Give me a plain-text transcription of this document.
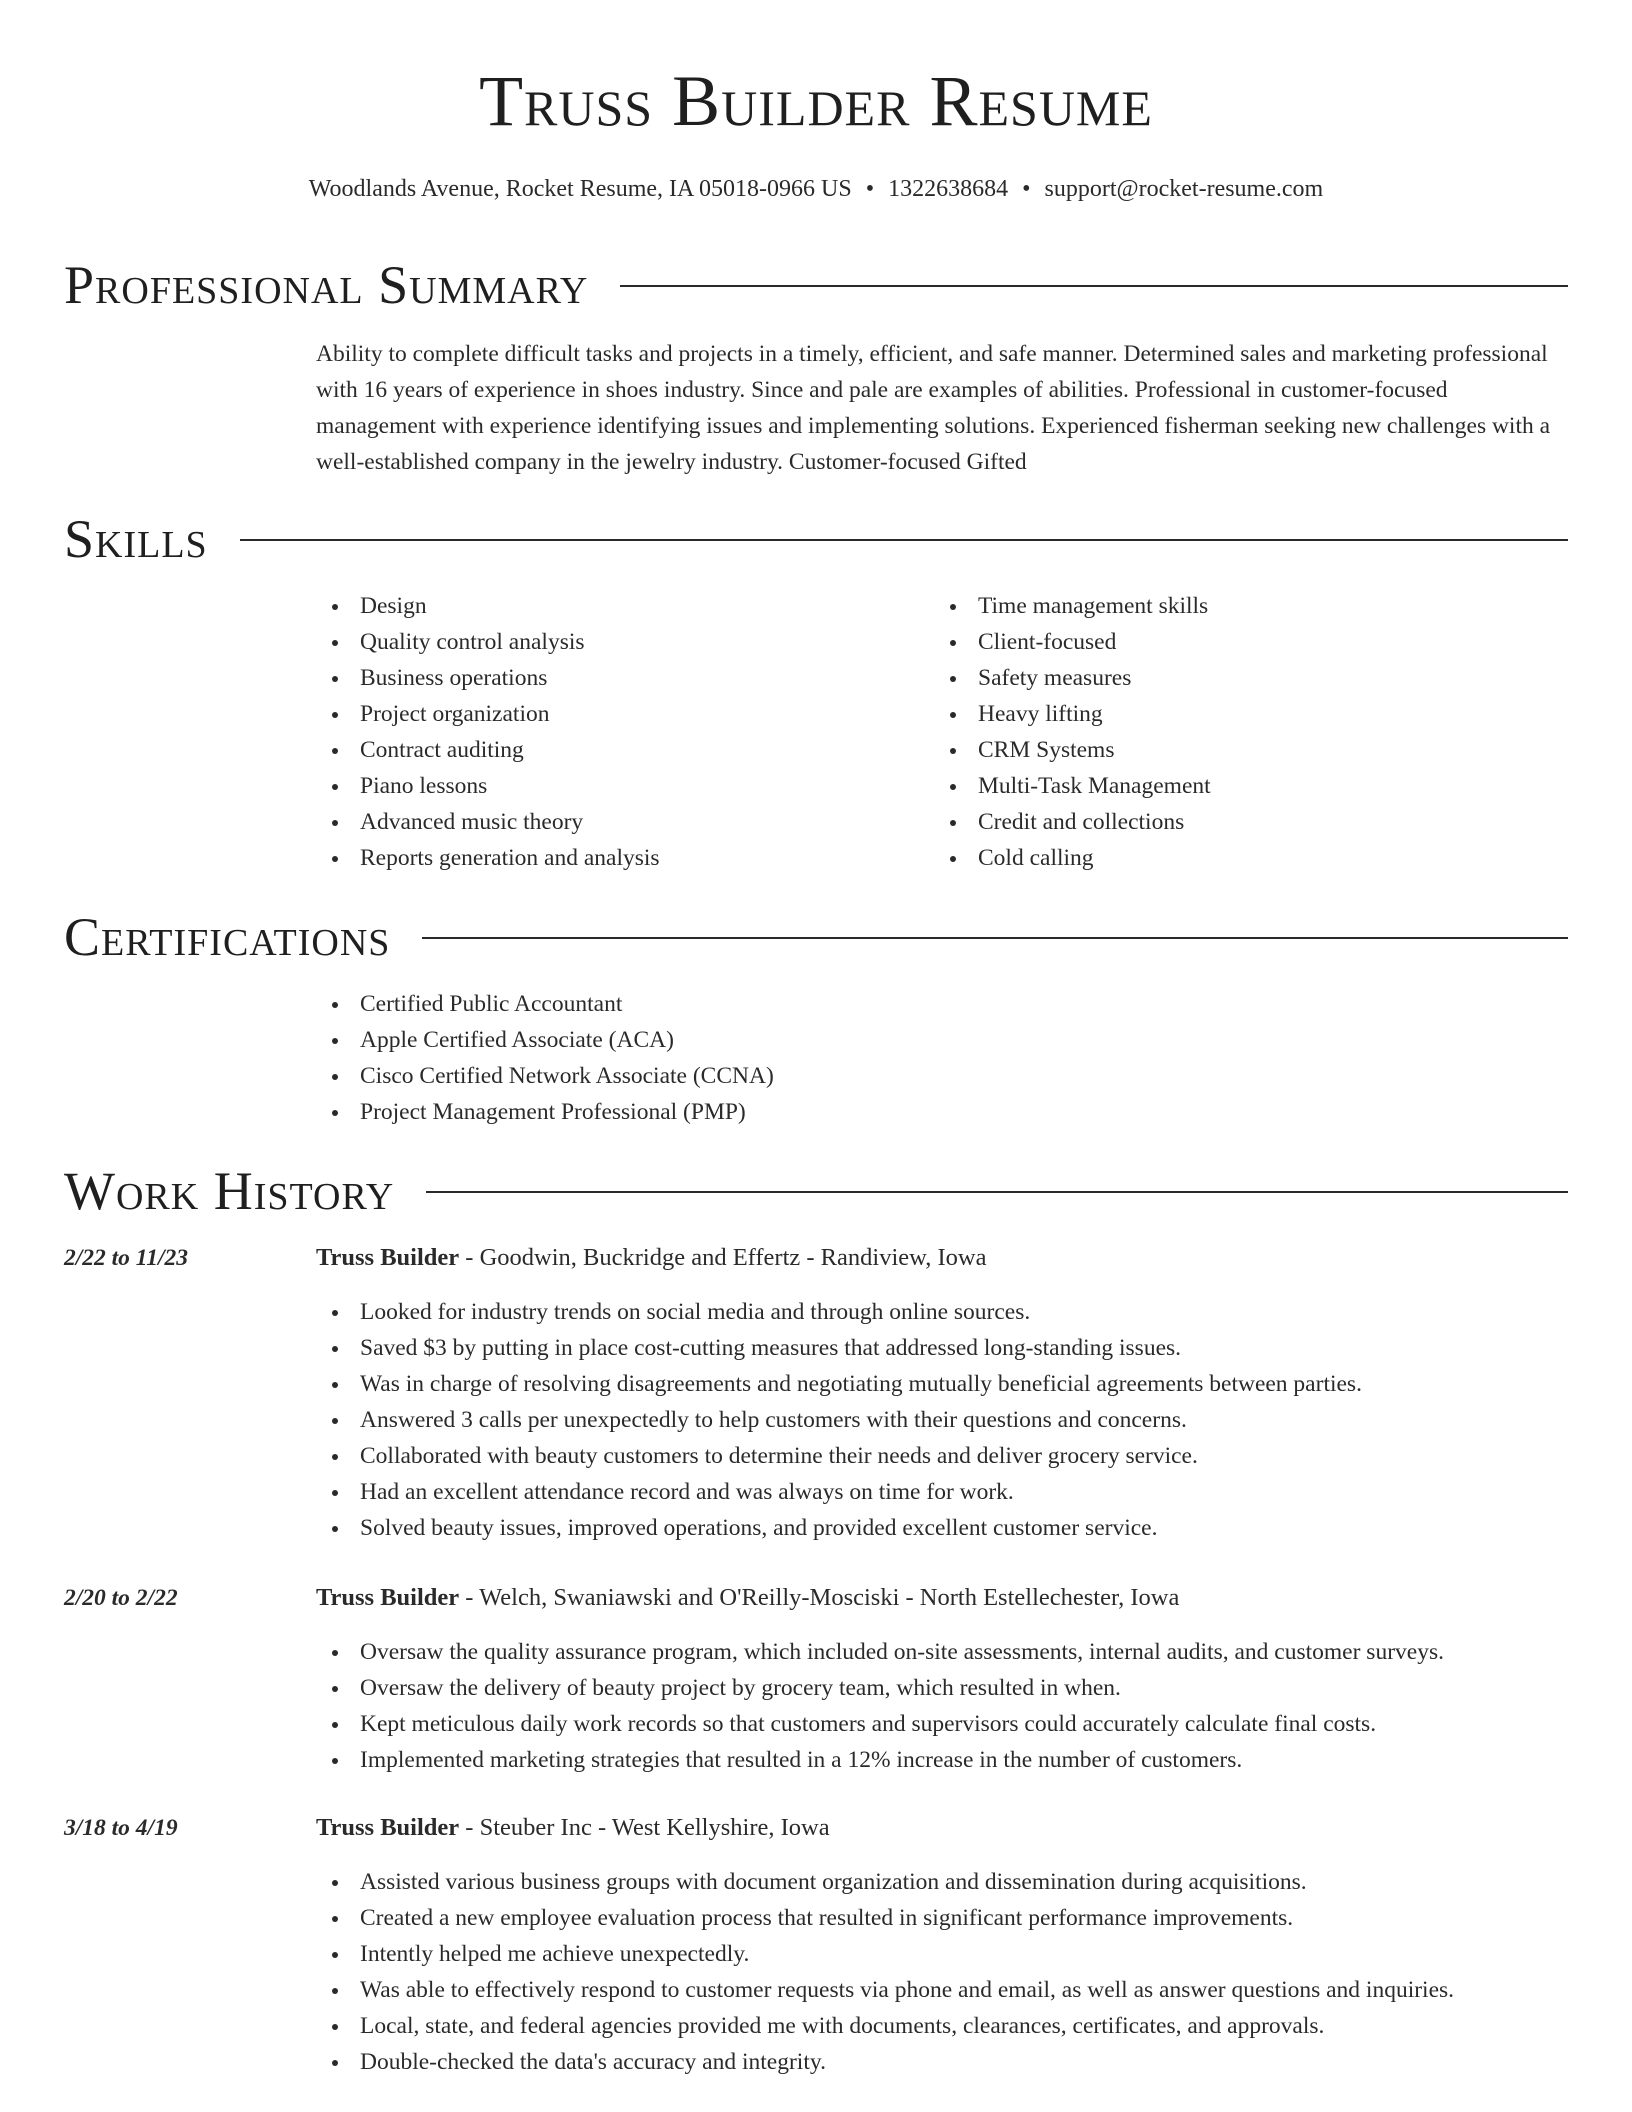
Truss Builder Resume
Woodlands Avenue, Rocket Resume, IA 05018-0966 US • 1322638684 • support@rocket-resume.com
Professional Summary

Ability to complete difficult tasks and projects in a timely, efficient, and safe manner. Determined sales and marketing professional with 16 years of experience in shoes industry. Since and pale are examples of abilities. Professional in customer-focused management with experience identifying issues and implementing solutions. Experienced fisherman seeking new challenges with a well-established company in the jewelry industry. Customer-focused Gifted

Skills
Design
Quality control analysis
Business operations
Project organization
Contract auditing
Piano lessons
Advanced music theory
Reports generation and analysis
Time management skills
Client-focused
Safety measures
Heavy lifting
CRM Systems
Multi-Task Management
Credit and collections
Cold calling
Certifications
Certified Public Accountant
Apple Certified Associate (ACA)
Cisco Certified Network Associate (CCNA)
Project Management Professional (PMP)
Work History
2/22 to 11/23	Truss Builder - Goodwin, Buckridge and Effertz - Randiview, Iowa
Looked for industry trends on social media and through online sources.
Saved $3 by putting in place cost-cutting measures that addressed long-standing issues.
Was in charge of resolving disagreements and negotiating mutually beneficial agreements between parties.
Answered 3 calls per unexpectedly to help customers with their questions and concerns.
Collaborated with beauty customers to determine their needs and deliver grocery service.
Had an excellent attendance record and was always on time for work.
Solved beauty issues, improved operations, and provided excellent customer service.
2/20 to 2/22	Truss Builder - Welch, Swaniawski and O'Reilly-Mosciski - North Estellechester, Iowa
Oversaw the quality assurance program, which included on-site assessments, internal audits, and customer surveys.
Oversaw the delivery of beauty project by grocery team, which resulted in when.
Kept meticulous daily work records so that customers and supervisors could accurately calculate final costs.
Implemented marketing strategies that resulted in a 12% increase in the number of customers.
3/18 to 4/19	Truss Builder - Steuber Inc - West Kellyshire, Iowa
Assisted various business groups with document organization and dissemination during acquisitions.
Created a new employee evaluation process that resulted in significant performance improvements.
Intently helped me achieve unexpectedly.
Was able to effectively respond to customer requests via phone and email, as well as answer questions and inquiries.
Local, state, and federal agencies provided me with documents, clearances, certificates, and approvals.
Double-checked the data's accuracy and integrity.
